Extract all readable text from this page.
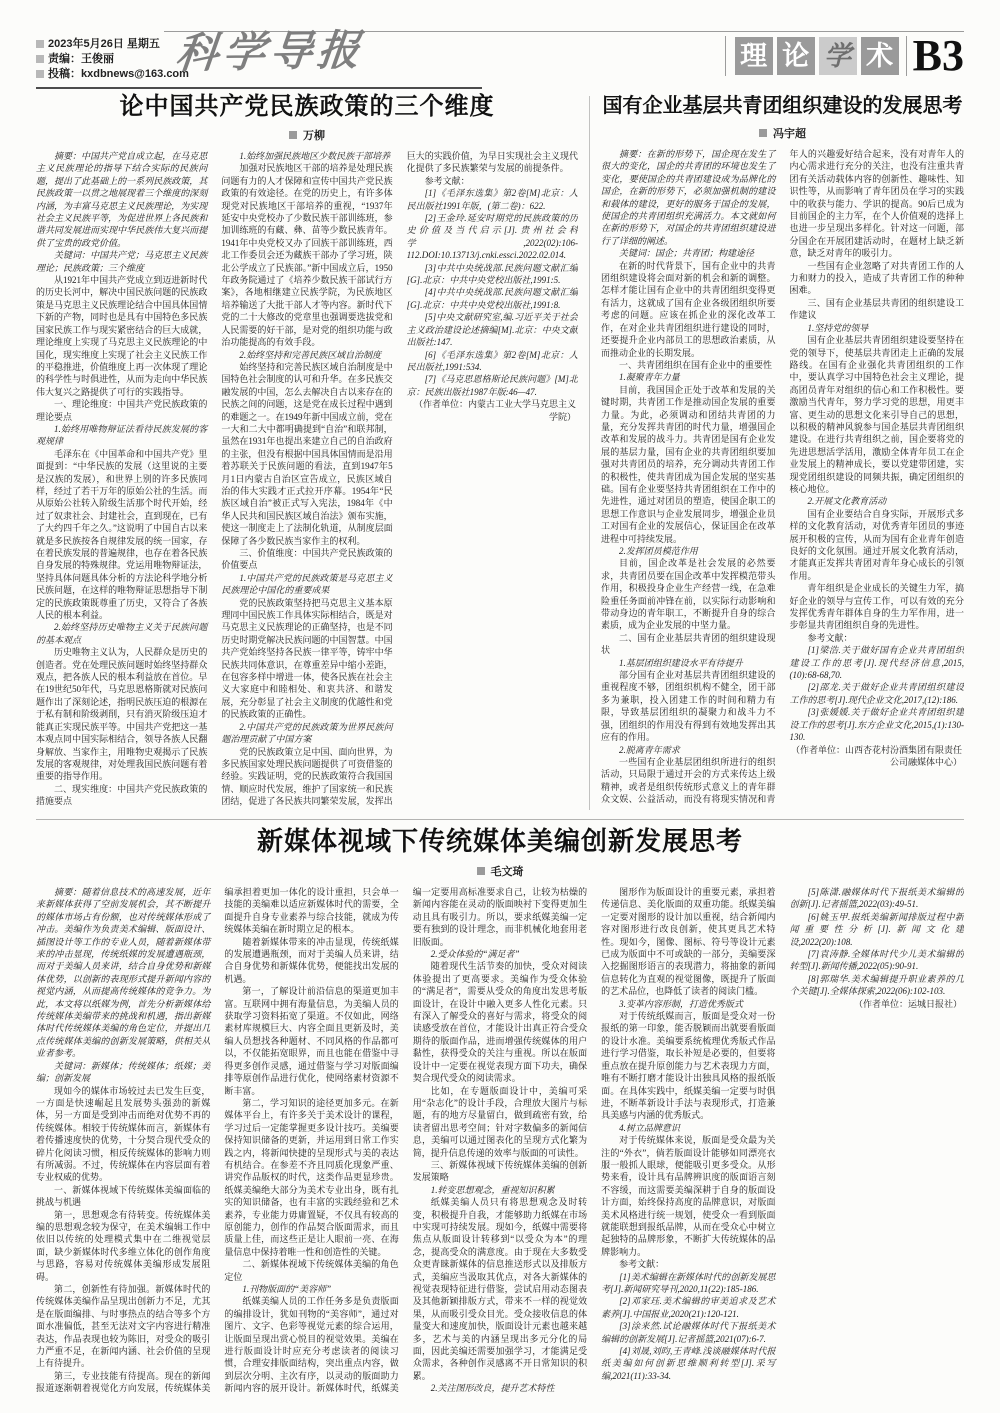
2023年5月26日 星期五
责编：王俊丽
投稿：kxdbnews@163.com
科学导报	理 论 学 术 B3
论中国共产党民族政策的三个维度
万柳

摘要：中国共产党自成立起，在马克思主义民族理论的指导下结合实际的民族问题，提出了此基础上的一系列民族政策，其民族政策一以贯之地展现着三个维度的深刻内涵，为丰富马克思主义民族理论，为实现社会主义民族平等，为促进世界上各民族和谐共同发展进而实现中华民族伟大复兴而提供了宝贵的政党价值。

关键词：中国共产党；马克思主义民族理论；民族政策；三个维度

从1921年中国共产党成立到迈进新时代的历史长河中，解决中国民族问题的民族政策是马克思主义民族理论结合中国具体国情下新的产物，同时也是具有中国特色多民族国家民族工作与现实紧密结合的巨大成就，理论维度上实现了马克思主义民族理论的中国化，现实维度上实现了社会主义民族工作的平稳推进，价值维度上再一次体现了理论的科学性与时俱进性，从而为走向中华民族伟大复兴之路提供了可行的实践指导。

一、理论维度：中国共产党民族政策的理论要点
1.始终用唯物辩证法看待民族发展的客观规律

毛泽东在《中国革命和中国共产党》里面提到：“中华民族的发展（这里说的主要是汉族的发展），和世界上别的许多民族同样，经过了若干万年的原始公社的生活。而从原始公社转入阶级生活那个时代开始，经过了奴隶社会、封建社会，直到现在，已有了大约四千年之久。”这说明了中国自古以来就是多民族按各自规律发展的统一国家，存在着民族发展的普遍规律，也存在着各民族自身发展的特殊规律。党运用唯物辩证法，坚持具体问题具体分析的方法论科学地分析民族问题，在这样的唯物辩证思想指导下制定的民族政策既尊重了历史，又符合了各族人民的根本利益。

2.始终坚持历史唯物主义关于民族问题的基本观点

历史唯物主义认为，人民群众是历史的创造者。党在处理民族问题时始终坚持群众观点，把各族人民的根本利益放在首位。早在19世纪50年代，马克思恩格斯就对民族问题作出了深刻论述，指明民族压迫的根源在于私有制和阶级剥削，只有消灭阶级压迫才能真正实现民族平等。中国共产党把这一基本观点同中国实际相结合，领导各族人民翻身解放、当家作主，用唯物史观揭示了民族发展的客观规律，对处理我国民族问题有着重要的指导作用。

二、现实维度：中国共产党民族政策的措施要点
1.始终加强民族地区少数民族干部培养

加强对民族地区干部的培养是处理民族问题有力的人才保障和宣传中国共产党民族政策的有效途径。在党的历史上，有许多体现党对民族地区干部培养的重视，“1937年延安中央党校办了少数民族干部训练班，参加训练班的有藏、彝、苗等少数民族青年。1941年中央党校又办了回族干部训练班，西北工作委员会还为藏族干部办了学习班，陕北公学成立了民族部。”新中国成立后，1950年政务院通过了《培养少数民族干部试行方案》，各地相继建立民族学院，为民族地区培养输送了大批干部人才等内容。新时代下党的二十大修改的党章里也强调要选拔党和人民需要的好干部，是对党的组织功能与政治功能提高的有效手段。

2.始终坚持和完善民族区域自治制度

始终坚持和完善民族区域自治制度是中国特色社会制度的认可和升华。在多民族交融发展的中国，怎么去解决自古以来存在的民族之间的问题，这是党在成长过程中遇到的难题之一。在1949年新中国成立前，党在一大和二大中都明确提到“自治”和联邦制，虽然在1931年也提出来建立自己的自治政府的主张，但没有根据中国具体国情而是沿用着苏联关于民族问题的看法，直到1947年5月1日内蒙古自治区宣告成立，民族区域自治的伟大实践才正式拉开序幕。1954年“民族区域自治”被正式写入宪法，1984年《中华人民共和国民族区域自治法》颁布实施，使这一制度走上了法制化轨道，从制度层面保障了各少数民族当家作主的权利。

三、价值维度：中国共产党民族政策的价值要点
1.中国共产党的民族政策是马克思主义民族理论中国化的重要成果

党的民族政策坚持把马克思主义基本原理同中国民族工作具体实际相结合，既是对马克思主义民族理论的正确坚持，也是不同历史时期党解决民族问题的中国智慧。中国共产党始终坚持各民族一律平等，铸牢中华民族共同体意识，在尊重差异中缩小差距，在包容多样中增进一体，使各民族在社会主义大家庭中和睦相处、和衷共济、和谐发展，充分彰显了社会主义制度的优越性和党的民族政策的正确性。

2.中国共产党的民族政策为世界民族问题治理贡献了中国方案

党的民族政策立足中国、面向世界，为多民族国家处理民族问题提供了可资借鉴的经验。实践证明，党的民族政策符合我国国情、顺应时代发展，维护了国家统一和民族团结，促进了各民族共同繁荣发展，发挥出巨大的实践价值，为早日实现社会主义现代化提供了多民族繁荣与发展的前提条件。

参考文献：

[1]《毛泽东选集》第2卷[M]北京：人民出版社1991年版，(第二卷)：622.

[2]王金玲.延安时期党的民族政策的历史价值及当代启示[J].贵州社会科学,2022(02):106-112.DOI:10.13713/j.cnki.essci.2022.02.014.

[3]中共中央统战部.民族问题文献汇编[G].北京：中共中央党校出版社,1991:5.

[4]中共中央统战部.民族问题文献汇编[G].北京：中共中央党校出版社,1991:8.

[5]中央文献研究室,编.习近平关于社会主义政治建设论述摘编[M].北京：中央文献出版社:147.

[6]《毛泽东选集》第2卷[M]北京：人民出版社,1991:534.

[7]《马克思恩格斯论民族问题》[M]北京：民族出版社1987年版:46—47.

（作者单位：内蒙古工业大学马克思主义学院）

国有企业基层共青团组织建设的发展思考
冯宇超

摘要：在新的形势下，国企现在发生了很大的变化，国企的共青团的环境也发生了变化，要使国企的共青团建设成为品牌化的国企，在新的形势下，必须加强机制的建设和载体的建设，更好的服务于国企的发展，使国企的共青团组织充满活力。本文就如何在新的形势下，对国企的共青团组织建设进行了详细的阐述。

关键词：国企；共青团；构建途径

在新的时代背景下，国有企业中的共青团组织建设将会面对新的机会和新的调整。怎样才能让国有企业中的共青团组织变得更有活力，这就成了国有企业各级团组织所要考虑的问题。应该在抓企业的深化改革工作，在对企业共青团组织进行建设的同时，还要提升企业内部员工的思想政治素质，从而推动企业的长期发展。

一、共青团组织在国有企业中的重要性
1.凝聚青年力量

目前，我国国企正处于改革和发展的关键时期，共青团工作是推动国企发展的重要力量。为此，必须调动和团结共青团的力量，充分发挥共青团的时代力量，增强国企改革和发展的战斗力。共青团是国有企业发展的基层力量，国有企业的共青团组织要加强对共青团员的培养，充分调动共青团工作的积极性，使共青团成为国企发展的坚实基础。国有企业要坚持共青团组织在工作中的先进性，通过对团员的塑造，使国企职工的思想工作意识与企业发展同步，增强企业员工对国有企业的发展信心，保证国企在改革进程中可持续发展。

2.发挥团员模范作用

目前，国企改革是社会发展的必然要求，共青团员要在国企改革中发挥模范带头作用，积极投身企业生产经营一线，在急难险重任务面前冲锋在前，以实际行动影响和带动身边的青年职工，不断提升自身的综合素质，成为企业发展的中坚力量。

二、国有企业基层共青团的组织建设现状
1.基层团组织建设水平有待提升

部分国有企业对基层共青团组织建设的重视程度不够，团组织机构不健全，团干部多为兼职，投入团建工作的时间和精力有限，导致基层团组织的凝聚力和战斗力不强，团组织的作用没有得到有效地发挥出其应有的作用。

2.脱离青年需求

一些国有企业基层团组织所进行的组织活动，只局限于通过开会的方式来传达上级精神，或者是组织传统形式意义上的青年群众文娱、公益活动，而没有将现实情况和青年人的兴趣爱好结合起来，没有对青年人的内心需求进行充分的关注，也没有注重共青团有关活动载体内容的创新性、趣味性、知识性等，从而影响了青年团员在学习的实践中的收获与能力、学识的提高。90后已成为目前国企的主力军，在个人价值观的选择上也进一步呈现出多样化。针对这一问题，部分国企在开展团建活动时，在题材上缺乏新意，缺乏对青年的吸引力。

一些国有企业忽略了对共青团工作的人力和财力的投入，造成了共青团工作的种种困难。

三、国有企业基层共青团的组织建设工作建议
1.坚持党的领导

国有企业基层共青团组织建设要坚持在党的领导下，使基层共青团走上正确的发展路线。在国有企业强化共青团组织的工作中，要认真学习中国特色社会主义理论，提高团员青年对组织的信心和工作积极性。要激励当代青年，努力学习党的思想，用更丰富、更生动的思想文化来引导自己的思想，以积极的精神风貌参与国企基层共青团组织建设。在进行共青组织之前，国企要将党的先进思想活学活用，激励全体青年员工在企业发展上的精神成长，要以党建带团建，实现党团组织建设的同频共振，确定团组织的核心地位。

2.开展文化教育活动

国有企业要结合自身实际，开展形式多样的文化教育活动，对优秀青年团员的事迹展开积极的宣传，从而为国有企业青年创造良好的文化氛围。通过开展文化教育活动，才能真正发挥共青团对青年身心成长的引领作用。

青年组织是企业成长的关键生力军，搞好企业的领导与宣传工作，可以有效的充分发挥优秀青年群体自身的生力军作用，进一步彰显共青团组织自身的先进性。

参考文献：

[1]梁浩.关于做好国有企业共青团组织建设工作的思考[J].现代经济信息,2015,(10):68-68,70.

[2]邵龙.关于做好企业共青团组织建设工作的思考[J].现代企业文化,2017,(12):186.

[3]张媛媛.关于做好企业共青团组织建设工作的思考[J].东方企业文化,2015,(1):130-130.

（作者单位：山西杏花村汾酒集团有限责任公司融媒体中心）

新媒体视域下传统媒体美编创新发展思考
毛文琦

摘要：随着信息技术的高速发展，近年来新媒体获得了空前发展机会，其不断提升的媒体市场占有份额，也对传统媒体形成了冲击。美编作为负责美术编辑、版面设计、插图设计等工作的专业人员，随着新媒体带来的冲击显现，传统纸媒的发展遭遇瓶颈，而对于美编人员来讲，结合自身优势和新媒体优势，以创新的表现形式提升新闻内容的视觉内涵，从而提高传统媒体的竞争力。为此，本文将以纸媒为例，首先分析新媒体给传统媒体美编带来的挑战和机遇，指出新媒体时代传统媒体美编的角色定位，并提出几点传统媒体美编的创新发展策略，供相关从业者参考。

关键词：新媒体；传统媒体；纸媒；美编；创新发展

现如今的媒体市场较过去已发生巨变，一方面是快速崛起且发展势头强劲的新媒体，另一方面是受到冲击而绝对优势不再的传统媒体。相较于传统媒体而言，新媒体有着传播速度快的优势，十分契合现代受众的碎片化阅读习惯，相反传统媒体的影响力则有所减弱。不过，传统媒体在内容层面有着专业权威的优势。

一、新媒体视域下传统媒体美编面临的挑战与机遇

第一，思想观念有待转变。传统媒体美编的思想观念较为保守，在美术编辑工作中依旧以传统的处理模式集中在二维视觉层面，缺少新媒体时代多维立体化的创作角度与思路，容易对传统媒体美编形成发展阻碍。

第二，创新性有待加强。新媒体时代的传统媒体美编作品呈现出创新力不足，尤其是在版面编排、与时事热点的结合等多个方面水准偏低，甚至无法对文字内容进行精准表达，作品表现也较为陈旧，对受众的吸引力严重不足，在新闻内涵、社会价值的呈现上有待提升。

第三，专业技能有待提高。现在的新闻报道逐渐朝着视觉化方向发展，传统媒体美编承担着更加一体化的设计重担，只会单一技能的美编难以适应新媒体时代的需要，全面提升自身专业素养与综合技能，就成为传统媒体美编在新时期立足的根本。

随着新媒体带来的冲击显现，传统纸媒的发展遭遇瓶颈，而对于美编人员来讲，结合自身优势和新媒体优势，便能找出发展的机遇。

第一，了解设计前沿信息的渠道更加丰富。互联网中拥有海量信息，为美编人员的获取学习资料拓宽了渠道。不仅如此，网络素材库规模巨大、内容全面且更新及时，美编人员想找各种题材、不同风格的作品都可以，不仅能拓宽眼界，而且也能在借鉴中寻得更多创作灵感，通过借鉴与学习对版面编排等原创作品进行优化，使网络素材资源不断丰富。

第二，学习知识的途径更加多元。在新媒体平台上，有许多关于美术设计的课程，学习过后一定能掌握更多设计技巧。美编要保持知识储备的更新，并运用到日常工作实践之内，将新闻快捷的呈现形式与美的表达有机结合。在参差不齐且同质化现象严重、讲究作品版权的时代，这类作品更显珍贵。纸媒美编绝大部分为美术专业出身，既有扎实的知识储备，也有丰富的实践经验和艺术素养，专业能力毋庸置疑，不仅具有较高的原创能力，创作的作品契合版面需求，而且质量上佳，而这些正是让人眼前一亮、在海量信息中保持着唯一性和创造性的关键。

二、新媒体视域下传统媒体美编的角色定位
1.刊物版面的“美容师”

纸媒美编人员的工作任务多是负责版面的编排设计，犹如刊物的“美容师”，通过对图片、文字、色彩等视觉元素的综合运用，让版面呈现出赏心悦目的视觉效果。美编在进行版面设计时应充分考虑读者的阅读习惯，合理安排版面结构，突出重点内容，做到层次分明、主次有序，以灵动的版面助力新闻内容的展开设计。新媒体时代，纸媒美编一定要用高标准要求自己，让较为枯燥的新闻内容能在灵动的版面映衬下变得更加生动且具有吸引力。所以，要求纸媒美编一定要有独到的设计理念，而非机械化地套用老旧版面。

2.受众体验的“满足者”

随着现代生活节奏的加快，受众对阅读体验提出了更高要求。美编作为受众体验的“满足者”，需要从受众的角度出发思考版面设计，在设计中融入更多人性化元素。只有深入了解受众的喜好与需求，将受众的阅读感受放在首位，才能设计出真正符合受众期待的版面作品，进而增强传统媒体的用户黏性，获得受众的关注与重视。所以在版面设计中一定要在视觉表现方面下功夫，确保契合现代受众的阅读需求。

比如，在专题版面设计中，美编可采用“杂志化”的设计手段，合理放大图片与标题，有的地方尽量留白，做到疏密有致，给读者留出思考空间；针对字数偏多的新闻信息，美编可以通过图表化的呈现方式化繁为简，提升信息传递的效率与版面的可读性。

三、新媒体视域下传统媒体美编的创新发展策略
1.转变思想观念，重视知识积累

纸媒美编人员只有将思想观念及时转变，积极提升自我，才能够助力纸媒在市场中实现可持续发展。现如今，纸媒中需要将焦点从版面设计转移到“以受众为本”的理念，提高受众的满意度。由于现在大多数受众更青睐新媒体的信息推送形式以及排版方式，美编应当汲取其优点，对各大新媒体的视觉表现特征进行借鉴，尝试启用动态图表及其他新颖排版方式，带来不一样的视觉效果，从而吸引受众目光。受众接收信息的体量变大和速度加快，版面设计元素也越来越多，艺术与美的内涵呈现出多元分化的局面，因此美编还需要加强学习，才能满足受众需求，各种创作灵感离不开日常知识的积累。

2.关注图形改良，提升艺术特性

图形作为版面设计的重要元素，承担着传递信息、美化版面的双重功能。纸媒美编一定要对图形的设计加以重视，结合新闻内容对图形进行改良创新，使其更具艺术特性。现如今，图像、图标、符号等设计元素已成为版面中不可或缺的一部分，美编要深入挖掘图形语言的表现潜力，将抽象的新闻信息转化为直观的视觉图像，既提升了版面的艺术品位，也降低了读者的阅读门槛。

3.变革内容形制，打造优秀版式

对于传统纸媒而言，版面是受众对一份报纸的第一印象，能否脱颖而出就要看版面的设计水准。美编要系统梳理优秀版式作品进行学习借鉴，取长补短是必要的，但要将重点放在提升原创能力与艺术表现力方面，唯有不断打磨才能设计出独具风格的报纸版面。在具体实践中，纸媒美编一定要与时俱进，不断革新设计手法与表现形式，打造兼具美感与内涵的优秀版式。

4.树立品牌意识

对于传统媒体来说，版面是受众最为关注的“外衣”，倘若版面设计能够如同漂亮衣服一般抓人眼球，便能吸引更多受众。从形势来看，设计具有品牌辨识度的版面语言刻不容缓，而这需要美编深耕于自身的版面设计方面，始终保持高度的品牌意识，对版面美术风格进行统一规划，使受众一看到版面就能联想到报纸品牌，从而在受众心中树立起独特的品牌形象，不断扩大传统媒体的品牌影响力。

参考文献：

[1]美术编辑在新媒体时代的创新发展思考[J].新闻研究导刊,2020,11(22):185-186.

[2]邓家珏.美术编辑的审美追求及艺术素养[J].中国报业,2020(21):120-121.

[3]涂来然.试论融媒体时代下报纸美术编辑的创新发展[J].记者摇篮,2021(07):6-7.

[4]刘晟,刘昀,王青峰.浅谈融媒体时代报纸美编如何创新思维顺利转型[J].采写编,2021(11):33-34.

[5]陈潇.融媒体时代下报纸美术编辑的创新[J].记者摇篮,2022(03):49-51.

[6]姚玉甲.报纸美编新闻排版过程中新闻重要性分析[J].新闻文化建设,2022(20):108.

[7]袁涛静.全媒体时代少儿美术编辑的转型[J].新闻传播,2022(05):90-91.

[8]郭瑞华.美术编辑提升职业素养的几个关键[J].全媒体探索,2022(06):102-103.

（作者单位：运城日报社）
